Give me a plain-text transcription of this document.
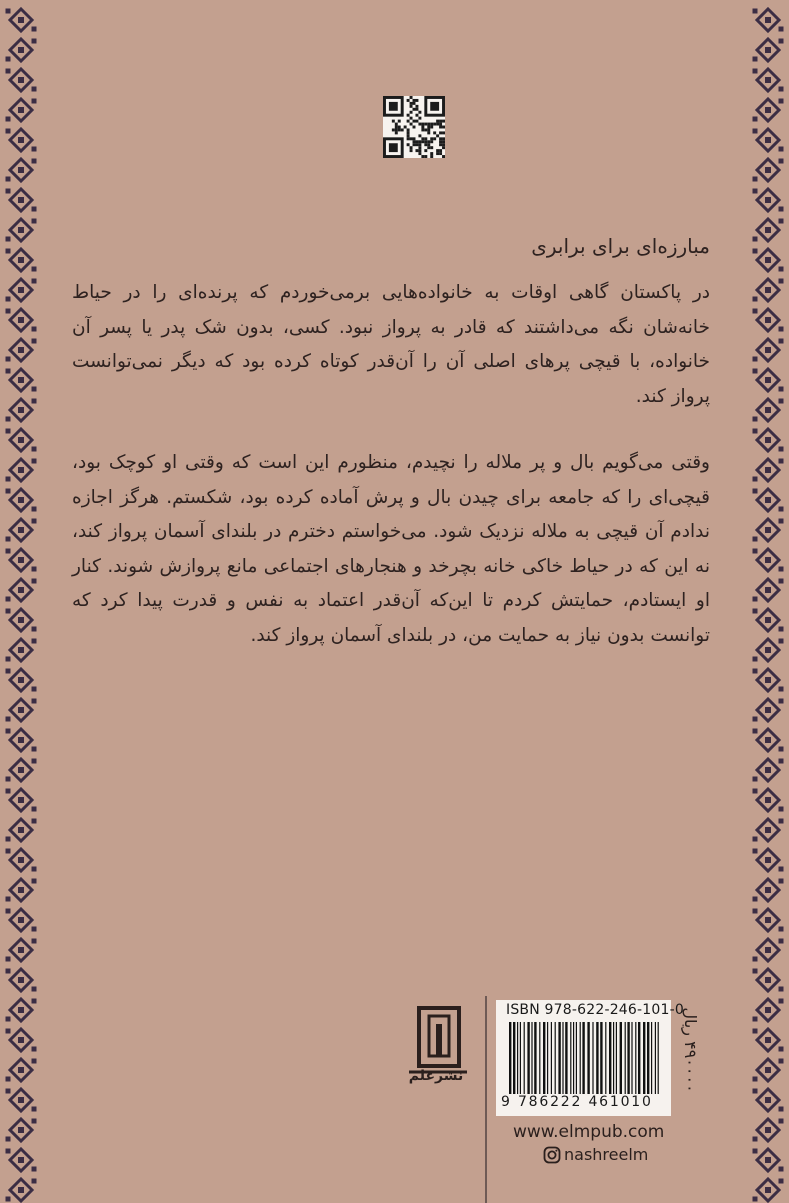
مبارزه‌ای برای برابری
در پاکستان گاهی اوقات به خانواده‌هایی برمی‌خوردم که پرنده‌ای را در حیاط خانه‌شان نگه می‌داشتند که قادر به پرواز نبود. کسی، بدون شک پدر یا پسر آن خانواده، با قیچی پرهای اصلی آن را آن‌قدر کوتاه کرده بود که دیگر نمی‌توانست پرواز کند.
وقتی می‌گویم بال و پر ملاله را نچیدم، منظورم این است که وقتی او کوچک بود، قیچی‌ای را که جامعه برای چیدن بال و پرش آماده کرده بود، شکستم. هرگز اجازه ندادم آن قیچی به ملاله نزدیک شود. می‌خواستم دخترم در بلندای آسمان پرواز کند، نه این که در حیاط خاکی خانه بچرخد و هنجارهای اجتماعی مانع پروازش شوند. کنار او ایستادم، حمایتش کردم تا این‌که آن‌قدر اعتماد به نفس و قدرت پیدا کرد که توانست بدون نیاز به حمایت من، در بلندای آسمان پرواز کند.
نشرعلم
ISBN 978-622-246-101-0
9 786222 461010
۴۹۰۰۰۰ ریال
www.elmpub.com
nashreelm
